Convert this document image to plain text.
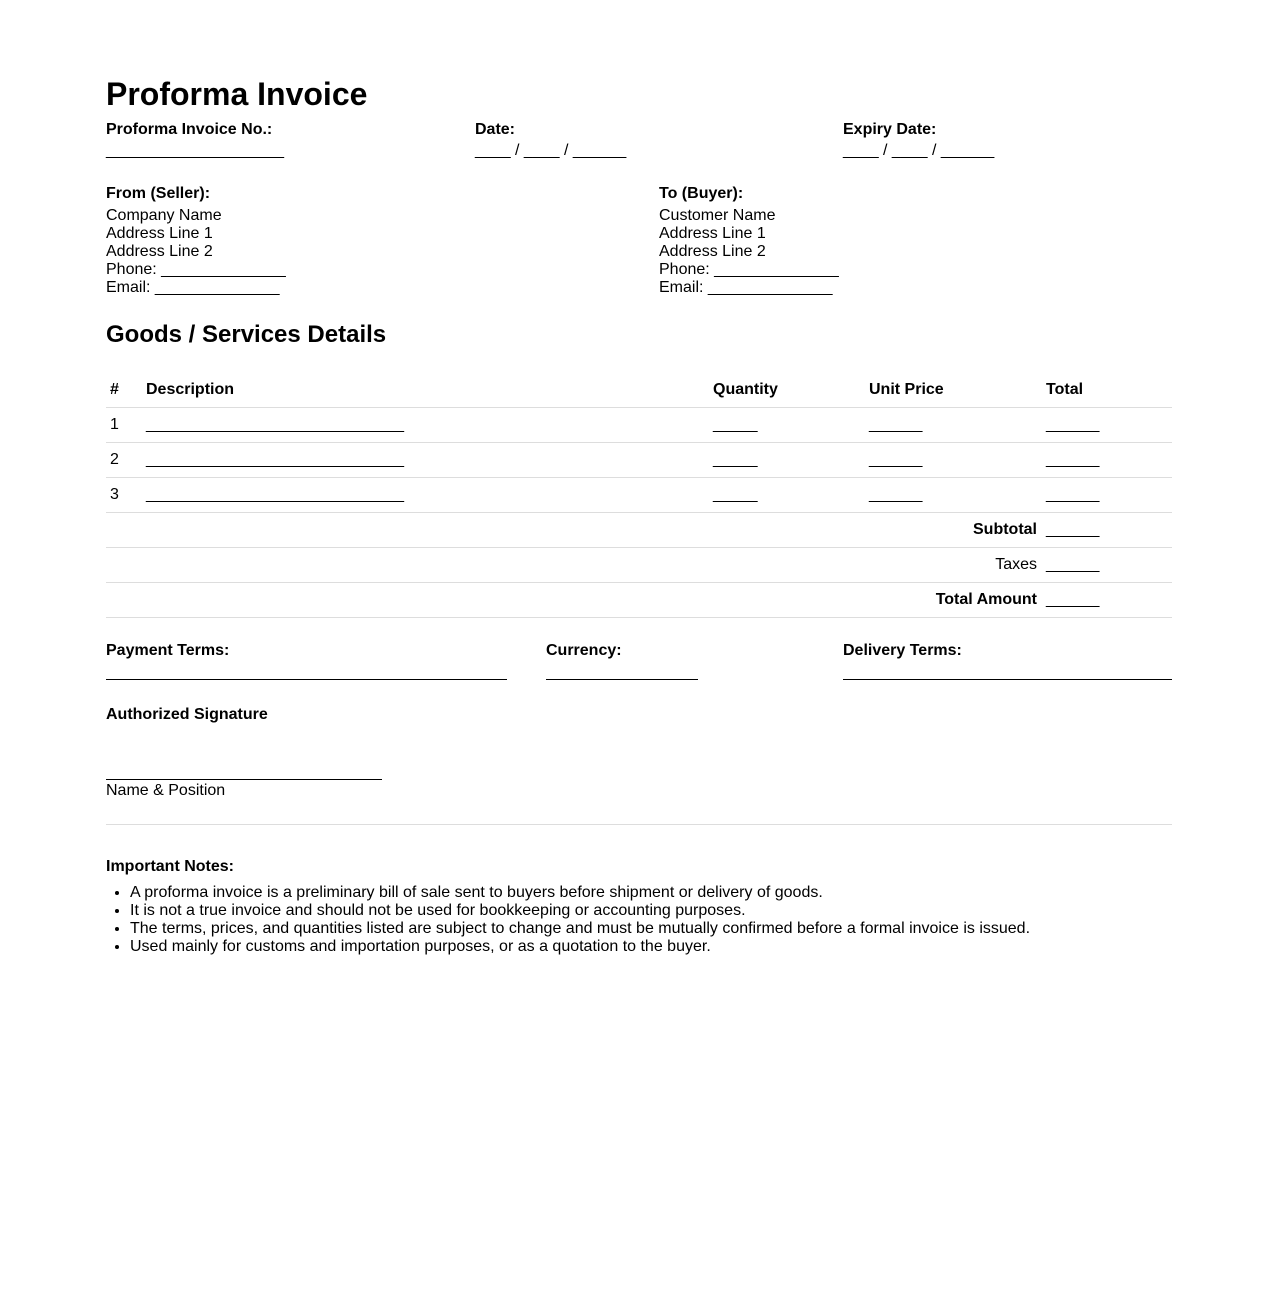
Proforma Invoice
Proforma Invoice No.:
____________________
Date:
____ / ____ / ______
Expiry Date:
____ / ____ / ______
From (Seller):
Company Name
Address Line 1
Address Line 2
Phone: ______________
Email: ______________
To (Buyer):
Customer Name
Address Line 1
Address Line 2
Phone: ______________
Email: ______________
Goods / Services Details
# Description	Quantity	Unit Price	Total
1 _____________________________	_____	______	______
2 _____________________________	_____	______	______
3 _____________________________	_____	______	______
Subtotal ______
Taxes ______
Total Amount ______
Payment Terms:	Currency:	Delivery Terms:
Authorized Signature
Name & Position
Important Notes:
• A proforma invoice is a preliminary bill of sale sent to buyers before shipment or delivery of goods.
• It is not a true invoice and should not be used for bookkeeping or accounting purposes.
• The terms, prices, and quantities listed are subject to change and must be mutually confirmed before a formal invoice is issued.
• Used mainly for customs and importation purposes, or as a quotation to the buyer.
